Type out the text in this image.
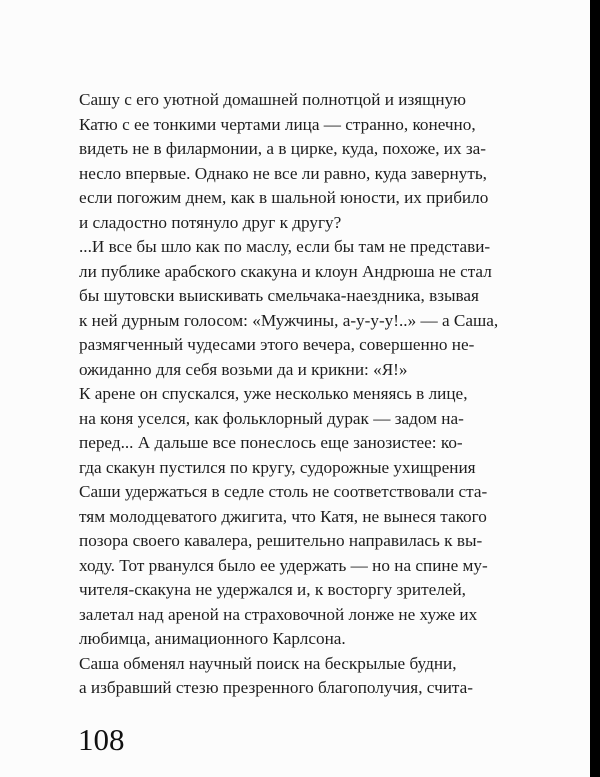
Сашу с его уютной домашней полнотцой и изящную
Катю с ее тонкими чертами лица — странно, конечно,
видеть не в филармонии, а в цирке, куда, похоже, их за-
несло впервые. Однако не все ли равно, куда завернуть,
если погожим днем, как в шальной юности, их прибило
и сладостно потянуло друг к другу?
...И все бы шло как по маслу, если бы там не представи-
ли публике арабского скакуна и клоун Андрюша не стал
бы шутовски выискивать смельчака-наездника, взывая
к ней дурным голосом: «Мужчины, а-у-у-у!..» — а Саша,
размягченный чудесами этого вечера, совершенно не-
ожиданно для себя возьми да и крикни: «Я!»
К арене он спускался, уже несколько меняясь в лице,
на коня уселся, как фольклорный дурак — задом на-
перед... А дальше все понеслось еще занозистее: ко-
гда скакун пустился по кругу, судорожные ухищрения
Саши удержаться в седле столь не соответствовали ста-
тям молодцеватого джигита, что Катя, не вынеся такого
позора своего кавалера, решительно направилась к вы-
ходу. Тот рванулся было ее удержать — но на спине му-
чителя-скакуна не удержался и, к восторгу зрителей,
залетал над ареной на страховочной лонже не хуже их
любимца, анимационного Карлсона.
Саша обменял научный поиск на бескрылые будни,
а избравший стезю презренного благополучия, счита-
108
